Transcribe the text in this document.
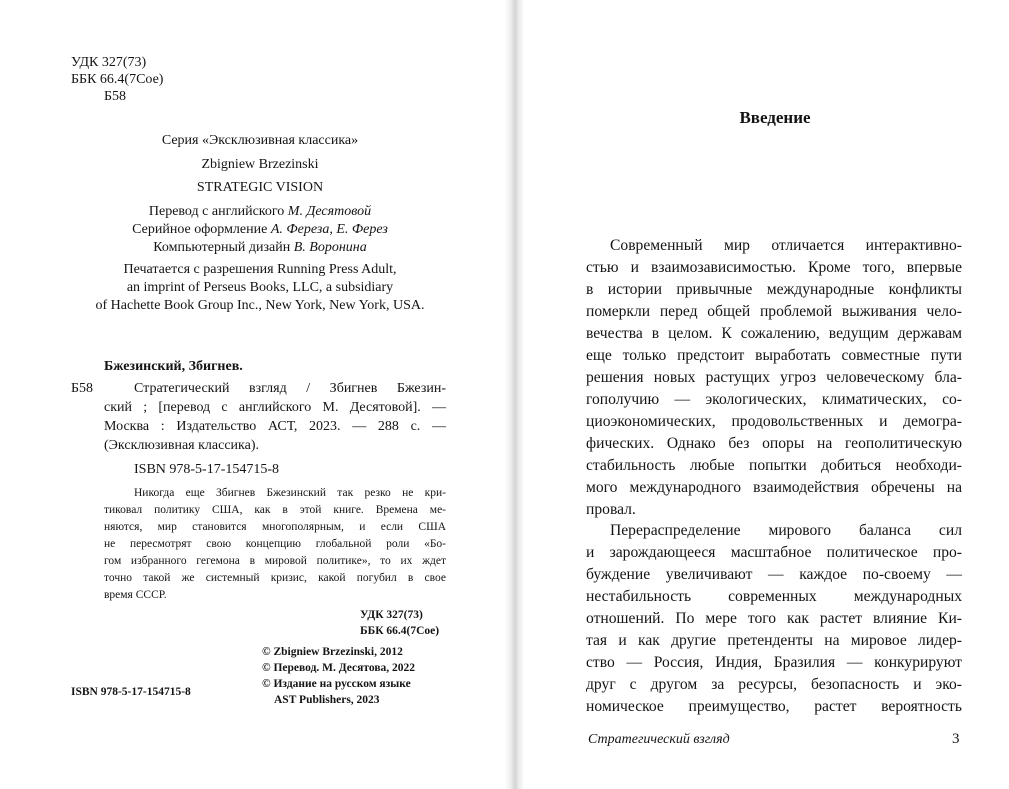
УДК 327(73)
ББК 66.4(7Сое)
Б58
Серия «Эксклюзивная классика»
Zbigniew Brzezinski
STRATEGIC VISION
Перевод с английского М. Десятовой
Серийное оформление А. Фереза, Е. Ферез
Компьютерный дизайн В. Воронина
Печатается с разрешения Running Press Adult,
an imprint of Perseus Books, LLC, a subsidiary
of Hachette Book Group Inc., New York, New York, USA.
Бжезинский, Збигнев.
Б58	Стратегический взгляд / Збигнев Бжезин-
ский ; [перевод с английского М. Десятовой]. —
Москва : Издательство АСТ, 2023. — 288 с. —
(Эксклюзивная классика).
ISBN 978-5-17-154715-8
Никогда еще Збигнев Бжезинский так резко не кри-
тиковал политику США, как в этой книге. Времена ме-
няются, мир становится многополярным, и если США
не пересмотрят свою концепцию глобальной роли «Бо-
гом избранного гегемона в мировой политике», то их ждет
точно такой же системный кризис, какой погубил в свое
время СССР.
УДК 327(73)
ББК 66.4(7Сое)
© Zbigniew Brzezinski, 2012
© Перевод. М. Десятова, 2022
© Издание на русском языке
AST Publishers, 2023
ISBN 978-5-17-154715-8
Введение
Современный мир отличается интерактивно-
стью и взаимозависимостью. Кроме того, впервые
в истории привычные международные конфликты
померкли перед общей проблемой выживания чело-
вечества в целом. К сожалению, ведущим державам
еще только предстоит выработать совместные пути
решения новых растущих угроз человеческому бла-
гополучию — экологических, климатических, со-
циоэкономических, продовольственных и демогра-
фических. Однако без опоры на геополитическую
стабильность любые попытки добиться необходи-
мого международного взаимодействия обречены на
провал.
Перераспределение мирового баланса сил
и зарождающееся масштабное политическое про-
буждение увеличивают — каждое по-своему —
нестабильность современных международных
отношений. По мере того как растет влияние Ки-
тая и как другие претенденты на мировое лидер-
ство — Россия, Индия, Бразилия — конкурируют
друг с другом за ресурсы, безопасность и эко-
номическое преимущество, растет вероятность
Стратегический взгляд	3
